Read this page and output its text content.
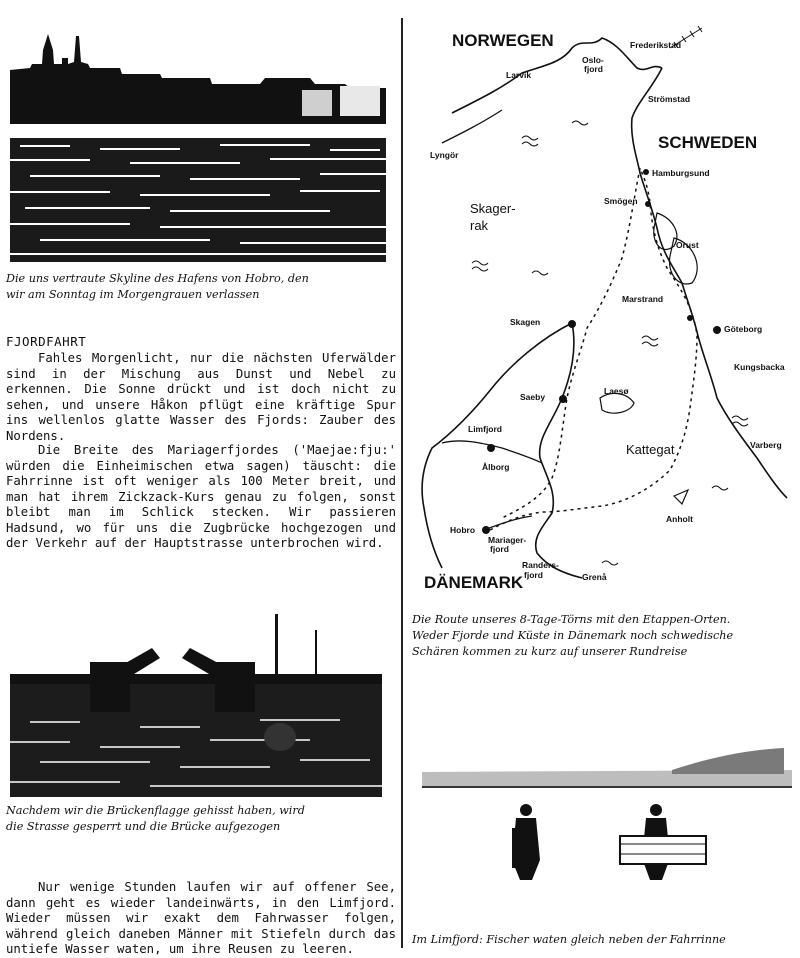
Die uns vertraute Skyline des Hafens von Hobro, den
wir am Sonntag im Morgengrauen verlassen
FJORDFAHRT

Fahles Morgenlicht, nur die nächsten Uferwälder sind in der Mischung aus Dunst und Nebel zu erkennen. Die Sonne drückt und ist doch nicht zu sehen, und unsere Håkon pflügt eine kräftige Spur ins wellenlos glatte Wasser des Fjords: Zauber des Nordens.

Die Breite des Mariagerfjordes ('Maejae:fju:' würden die Einheimischen etwa sagen) täuscht: die Fahrrinne ist oft weniger als 100 Meter breit, und man hat ihrem Zickzack-Kurs genau zu folgen, sonst bleibt man im Schlick stecken. Wir passieren Hadsund, wo für uns die Zugbrücke hochgezogen und der Verkehr auf der Hauptstrasse unterbrochen wird.

Nachdem wir die Brückenflagge gehisst haben, wird
die Strasse gesperrt und die Brücke aufgezogen

Nur wenige Stunden laufen wir auf offener See, dann geht es wieder landeinwärts, in den Limfjord. Wieder müssen wir exakt dem Fahrwasser folgen, während gleich daneben Männer mit Stiefeln durch das untiefe Wasser waten, um ihre Reusen zu leeren.

NORWEGEN
SCHWEDEN
DÄNEMARK
Skager-
rak
Kattegat
Oslo-
fjord
Frederikstad
Larvik
Strömstad
Lyngör
Hamburgsund
Smögen
Orust
Marstrand
Göteborg
Kungsbacka
Varberg
Skagen
Saeby
Laesø
Limfjord
Ålborg
Anholt
Hobro
Mariager-
fjord
Randers-
fjord	Grenå
Die Route unseres 8-Tage-Törns mit den Etappen-Orten.
Weder Fjorde und Küste in Dänemark noch schwedische
Schären kommen zu kurz auf unserer Rundreise
Im Limfjord: Fischer waten gleich neben der Fahrrinne
